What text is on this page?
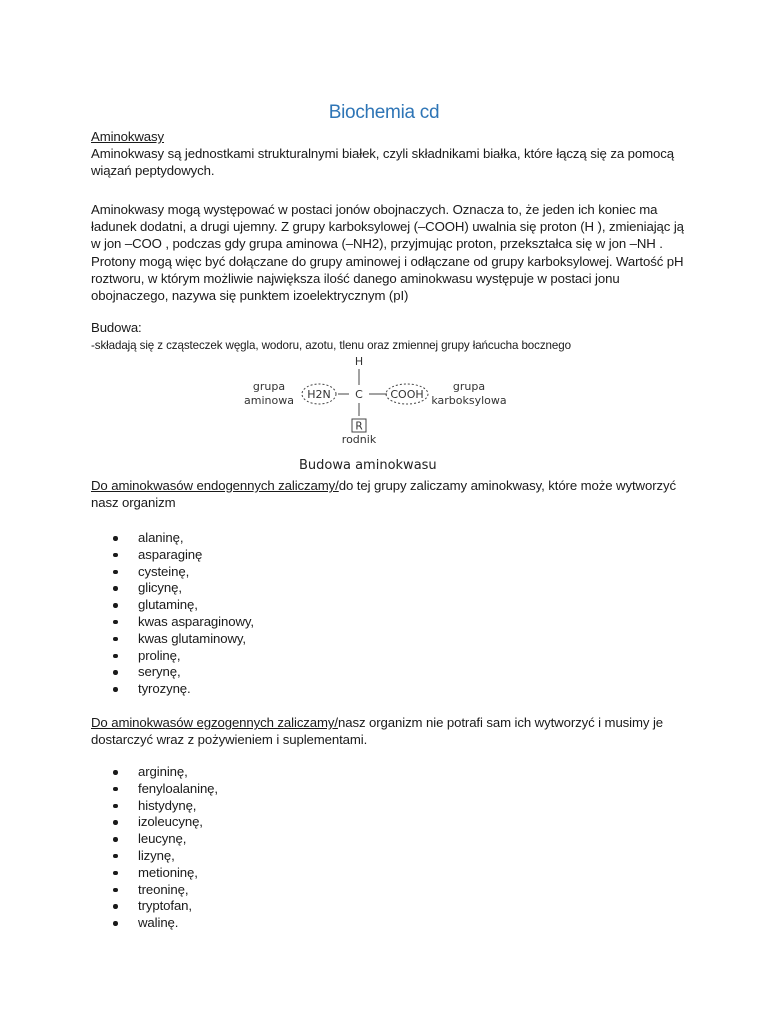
Biochemia cd

Aminokwasy

Aminokwasy są jednostkami strukturalnymi białek, czyli składnikami białka, które łączą się za pomocą

wiązań peptydowych.

Aminokwasy mogą występować w postaci jonów obojnaczych. Oznacza to, że jeden ich koniec ma

ładunek dodatni, a drugi ujemny. Z grupy karboksylowej (–COOH) uwalnia się proton (H ), zmieniając ją

w jon –COO , podczas gdy grupa aminowa (–NH2), przyjmując proton, przekształca się w jon –NH .

Protony mogą więc być dołączane do grupy aminowej i odłączane od grupy karboksylowej. Wartość pH

roztworu, w którym możliwie największa ilość danego aminokwasu występuje w postaci jonu

obojnaczego, nazywa się punktem izoelektrycznym (pI)

Budowa:

-składają się z cząsteczek węgla, wodoru, azotu, tlenu oraz zmiennej grupy łańcucha bocznego

grupa
aminowa H2N C
H
COOH
grupa
karboksylowa
R
rodnik
Budowa aminokwasu

Do aminokwasów endogennych zaliczamy/do tej grupy zaliczamy aminokwasy, które może wytworzyć

nasz organizm

alaninę,
asparaginę
cysteinę,
glicynę,
glutaminę,
kwas asparaginowy,
kwas glutaminowy,
prolinę,
serynę,
tyrozynę.

Do aminokwasów egzogennych zaliczamy/nasz organizm nie potrafi sam ich wytworzyć i musimy je

dostarczyć wraz z pożywieniem i suplementami.

argininę,
fenyloalaninę,
histydynę,
izoleucynę,
leucynę,
lizynę,
metioninę,
treoninę,
tryptofan,
walinę.
